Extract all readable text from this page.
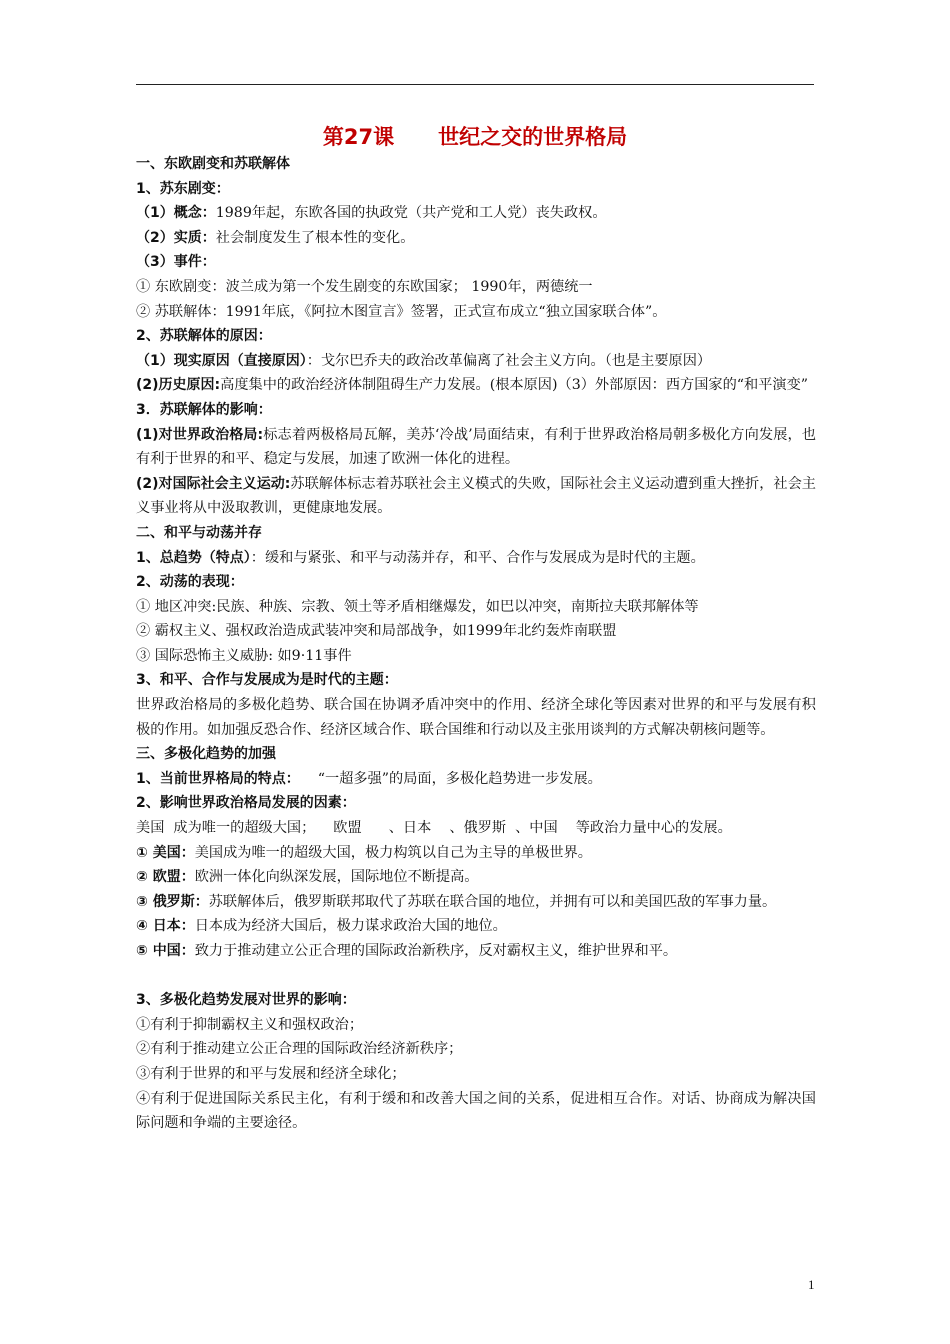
第27课 世纪之交的世界格局

一、东欧剧变和苏联解体

1、苏东剧变：

（1）概念：1989年起，东欧各国的执政党（共产党和工人党）丧失政权。

（2）实质：社会制度发生了根本性的变化。

（3）事件：

① 东欧剧变：波兰成为第一个发生剧变的东欧国家； 1990年，两德统一

② 苏联解体：1991年底，《阿拉木图宣言》签署，正式宣布成立“独立国家联合体”。

2、苏联解体的原因：

（1）现实原因（直接原因）：戈尔巴乔夫的政治改革偏离了社会主义方向。（也是主要原因）

(2)历史原因:高度集中的政治经济体制阻碍生产力发展。(根本原因)（3）外部原因：西方国家的“和平演变”

3．苏联解体的影响：

(1)对世界政治格局:标志着两极格局瓦解，美苏‘冷战’局面结束，有利于世界政治格局朝多极化方向发展，也有利于世界的和平、稳定与发展，加速了欧洲一体化的进程。

(2)对国际社会主义运动:苏联解体标志着苏联社会主义模式的失败，国际社会主义运动遭到重大挫折，社会主义事业将从中汲取教训，更健康地发展。

二、和平与动荡并存

1、总趋势（特点）：缓和与紧张、和平与动荡并存，和平、合作与发展成为是时代的主题。

2、动荡的表现：

① 地区冲突:民族、种族、宗教、领土等矛盾相继爆发，如巴以冲突，南斯拉夫联邦解体等

② 霸权主义、强权政治造成武装冲突和局部战争，如1999年北约轰炸南联盟

③ 国际恐怖主义威胁: 如9·11事件

3、和平、合作与发展成为是时代的主题：

世界政治格局的多极化趋势、联合国在协调矛盾冲突中的作用、经济全球化等因素对世界的和平与发展有积极的作用。如加强反恐合作、经济区域合作、联合国维和行动以及主张用谈判的方式解决朝核问题等。

三、多极化趋势的加强

1、当前世界格局的特点：    “一超多强”的局面，多极化趋势进一步发展。

2、影响世界政治格局发展的因素：

美国  成为唯一的超级大国；    欧盟      、日本    、俄罗斯  、中国    等政治力量中心的发展。

① 美国：美国成为唯一的超级大国，极力构筑以自己为主导的单极世界。

② 欧盟：欧洲一体化向纵深发展，国际地位不断提高。

③ 俄罗斯：苏联解体后，俄罗斯联邦取代了苏联在联合国的地位，并拥有可以和美国匹敌的军事力量。

④ 日本：日本成为经济大国后，极力谋求政治大国的地位。

⑤ 中国：致力于推动建立公正合理的国际政治新秩序，反对霸权主义，维护世界和平。

3、多极化趋势发展对世界的影响：

①有利于抑制霸权主义和强权政治；

②有利于推动建立公正合理的国际政治经济新秩序；

③有利于世界的和平与发展和经济全球化；

④有利于促进国际关系民主化，有利于缓和和改善大国之间的关系，促进相互合作。对话、协商成为解决国际问题和争端的主要途径。

1
